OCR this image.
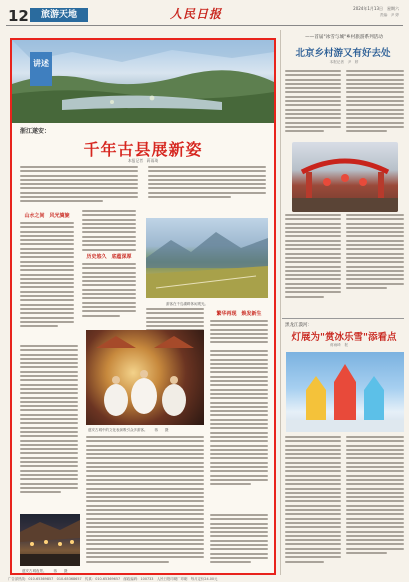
12	旅游天地	人民日报	2024年1月13日　星期六
责编：尹 婷
讲述
浙江遂安：
千年古县展新姿
本报记者　蒋雨琦
山水之间　风光旖旎
历史悠久　底蕴深厚
游客在千岛湖畔休闲观光。
繁华再现　焕发新生
遂安古城中的文化表演吸引众多游客。　　蒋　　摄
遂安古城夜景。　　蒋　　摄
——首届"冰雪与城"乡村旅游系列活动
北京乡村游又有好去处
本报记者　尹　婷
黑龙江漠河：
灯展为"赏冰乐雪"添看点
蒋雨琦　报
广告部热线：010-65369857　010-65368657　传真：010-65369657　邮政编码：100733　人民日报印刷厂印刷　每月定价24.00元
